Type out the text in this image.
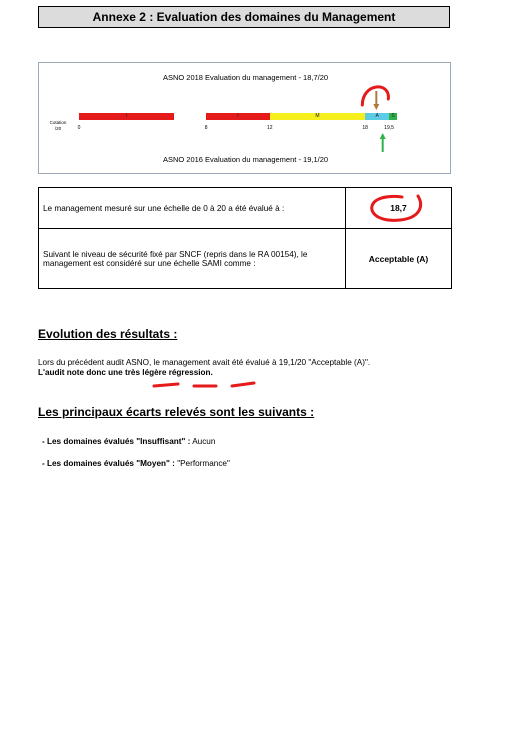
Annexe 2 : Evaluation des domaines du Management
ASNO 2018 Evaluation du management - 18,7/20
Cotation
/20
I	I	M	A	S
0	8	12	18	19,5
ASNO 2016 Evaluation du management - 19,1/20
Le management mesuré sur une échelle de 0 à 20 a été évalué à :	18,7

Suivant le niveau de sécurité fixé par SNCF (repris dans le RA 00154), le management est considéré sur une échelle SAMI comme :	Acceptable (A)
Evolution des résultats :
Lors du précédent audit ASNO, le management avait été évalué à 19,1/20 "Acceptable (A)".
L'audit note donc une très légère régression.
Les principaux écarts relevés sont les suivants :
- Les domaines évalués "Insuffisant" : Aucun
- Les domaines évalués "Moyen" : "Performance"
